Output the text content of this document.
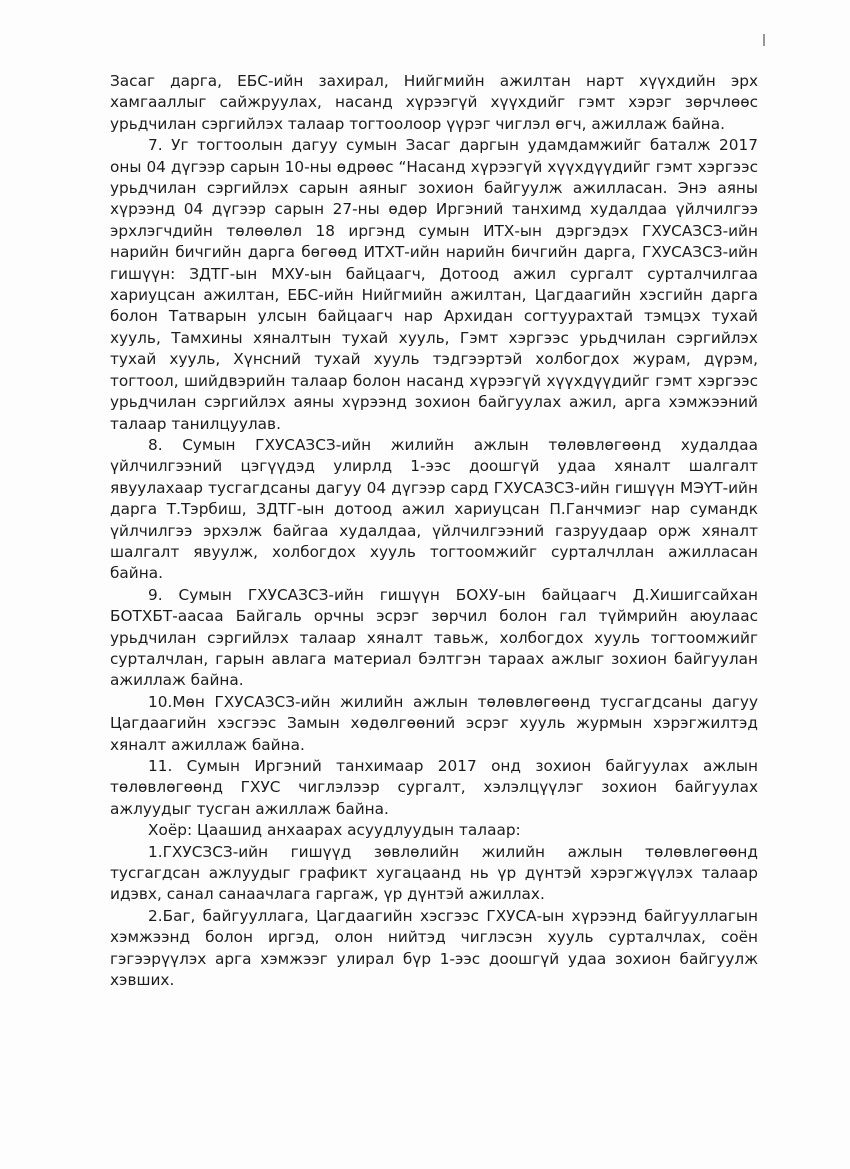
Засаг дарга, ЕБС-ийн захирал, Нийгмийн ажилтан нарт хүүхдийн эрх хамгааллыг сайжруулах, насанд хүрээгүй хүүхдийг гэмт хэрэг зөрчлөөс урьдчилан сэргийлэх талаар тогтоолоор үүрэг чиглэл өгч, ажиллаж байна.

7. Уг тогтоолын дагуу сумын Засаг даргын удамдамжийг баталж 2017 оны 04 дүгээр сарын 10-ны өдрөөс “Насанд хүрээгүй хүүхдүүдийг гэмт хэргээс урьдчилан сэргийлэх сарын аяныг зохион байгуулж ажилласан. Энэ аяны хүрээнд 04 дүгээр сарын 27-ны өдөр Иргэний танхимд худалдаа үйлчилгээ эрхлэгчдийн төлөөлөл 18 иргэнд сумын ИТХ-ын дэргэдэх ГХУСАЗСЗ-ийн нарийн бичгийн дарга бөгөөд ИТХТ-ийн нарийн бичгийн дарга, ГХУСАЗСЗ-ийн гишүүн: ЗДТГ-ын МХУ-ын байцаагч, Дотоод ажил сургалт сурталчилгаа хариуцсан ажилтан, ЕБС-ийн Нийгмийн ажилтан, Цагдаагийн хэсгийн дарга болон Татварын улсын байцаагч нар Архидан согтуурахтай тэмцэх тухай хууль, Тамхины хяналтын тухай хууль, Гэмт хэргээс урьдчилан сэргийлэх тухай хууль, Хүнсний тухай хууль тэдгээртэй холбогдох журам, дүрэм, тогтоол, шийдвэрийн талаар болон насанд хүрээгүй хүүхдүүдийг гэмт хэргээс урьдчилан сэргийлэх аяны хүрээнд зохион байгуулах ажил, арга хэмжээний талаар танилцуулав.

8. Сумын ГХУСАЗСЗ-ийн жилийн ажлын төлөвлөгөөнд худалдаа үйлчилгээний цэгүүдэд улирлд 1-ээс доошгүй удаа хяналт шалгалт явуулахаар тусгагдсаны дагуу 04 дүгээр сард ГХУСАЗСЗ-ийн гишүүн МЭҮТ-ийн дарга Т.Тэрбиш, ЗДТГ-ын дотоод ажил хариуцсан П.Ганчмиэг нар сумандк үйлчилгээ эрхэлж байгаа худалдаа, үйлчилгээний газруудаар орж хяналт шалгалт явуулж, холбогдох хууль тогтоомжийг сурталчллан ажилласан байна.

9. Сумын ГХУСАЗСЗ-ийн гишүүн БОХУ-ын байцаагч Д.Хишигсайхан БОТХБТ-аасаа Байгаль орчны эсрэг зөрчил болон гал түймрийн аюулаас урьдчилан сэргийлэх талаар хяналт тавьж, холбогдох хууль тогтоомжийг сурталчлан, гарын авлага материал бэлтгэн тараах ажлыг зохион байгуулан ажиллаж байна.

10.Мөн ГХУСАЗСЗ-ийн жилийн ажлын төлөвлөгөөнд тусгагдсаны дагуу Цагдаагийн хэсгээс Замын хөдөлгөөний эсрэг хууль журмын хэрэгжилтэд хяналт ажиллаж байна.

11. Сумын Иргэний танхимаар 2017 онд зохион байгуулах ажлын төлөвлөгөөнд ГХУС чиглэлээр сургалт, хэлэлцүүлэг зохион байгуулах ажлуудыг тусган ажиллаж байна.

Хоёр: Цаашид анхаарах асуудлуудын талаар:

1.ГХУСЗСЗ-ийн гишүүд зөвлөлийн жилийн ажлын төлөвлөгөөнд тусгагдсан ажлуудыг графикт хугацаанд нь үр дүнтэй хэрэгжүүлэх талаар идэвх, санал санаачлага гаргаж, үр дүнтэй ажиллах.

2.Баг, байгууллага, Цагдаагийн хэсгээс ГХУСА-ын хүрээнд байгууллагын хэмжээнд болон иргэд, олон нийтэд чиглэсэн хууль сурталчлах, соён гэгээрүүлэх арга хэмжээг улирал бүр 1-ээс доошгүй удаа зохион байгуулж хэвших.
